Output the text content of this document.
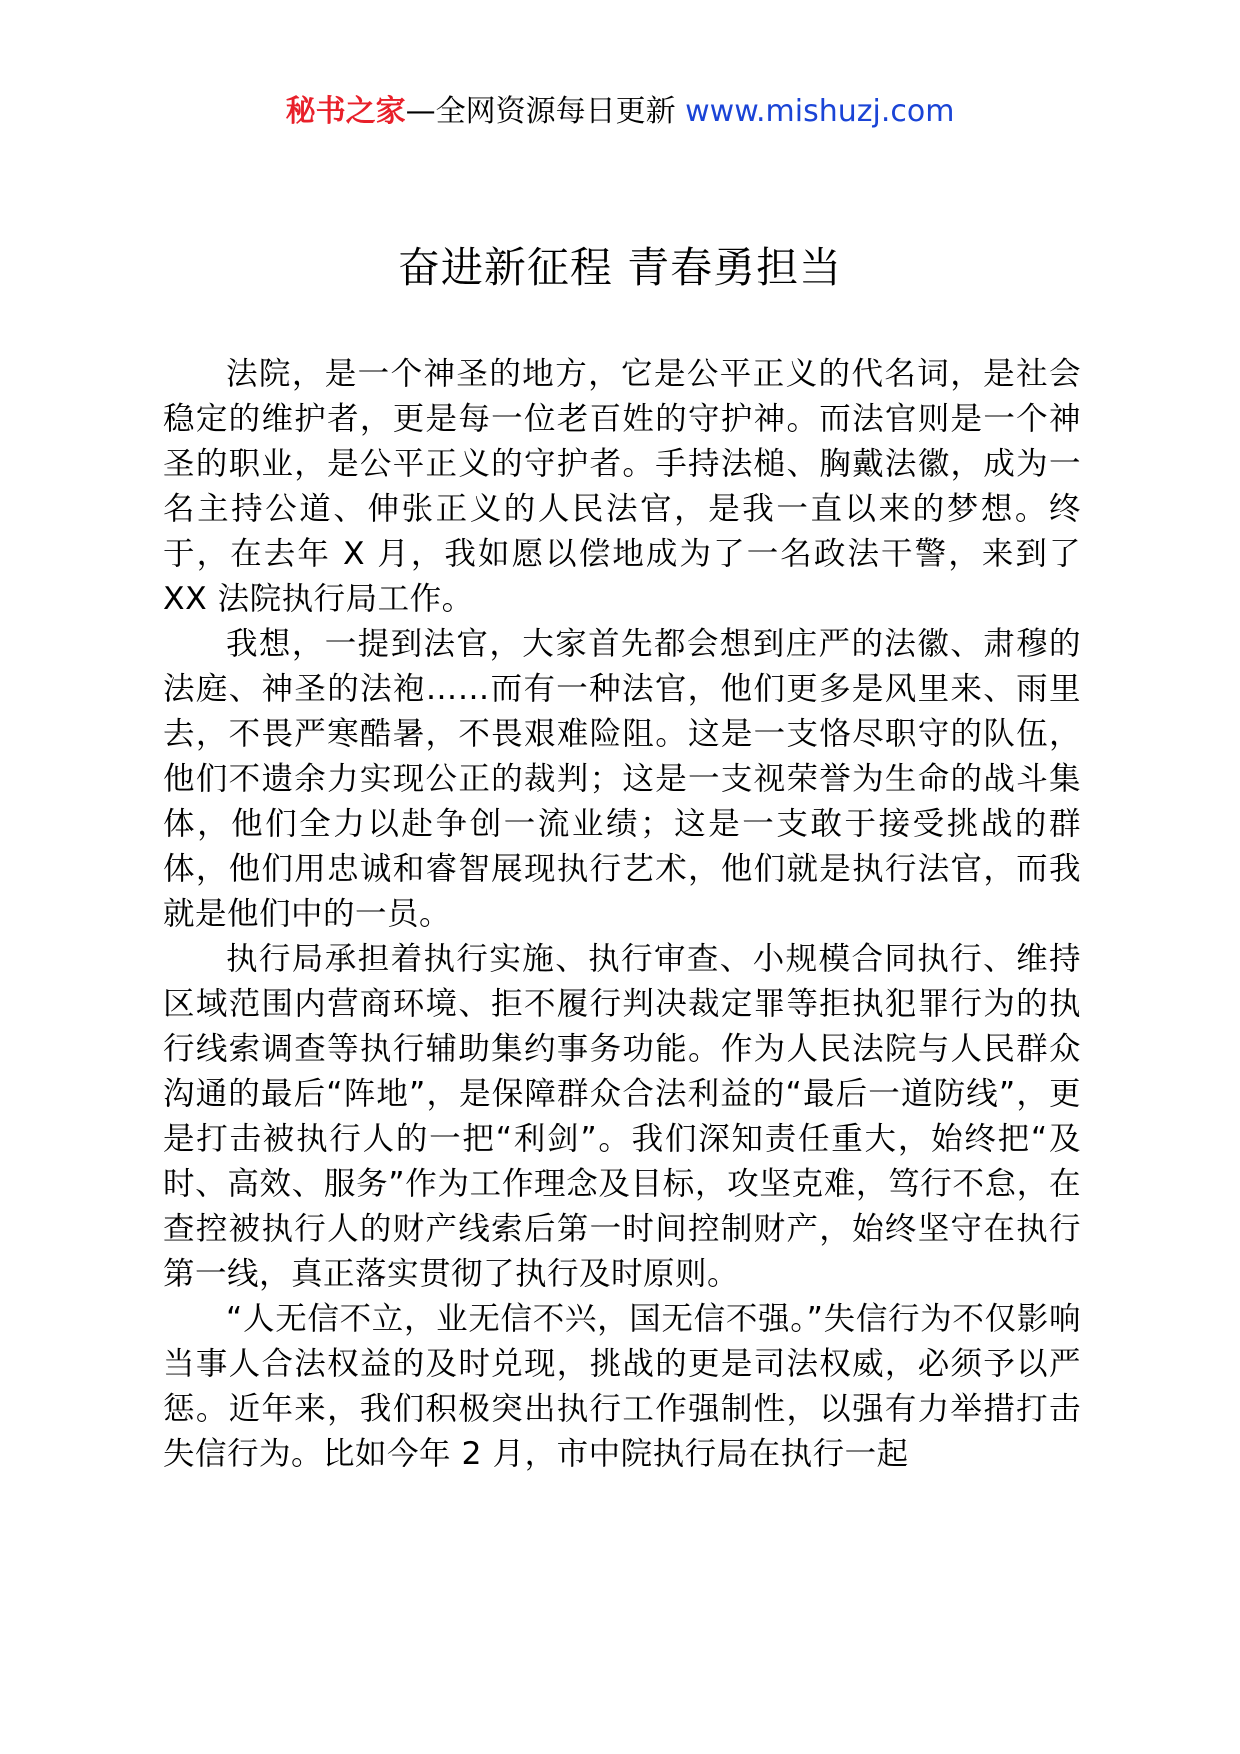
秘书之家—全网资源每日更新 www.mishuzj.com
奋进新征程 青春勇担当

法院，是一个神圣的地方，它是公平正义的代名词，是社会稳定的维护者，更是每一位老百姓的守护神。而法官则是一个神圣的职业，是公平正义的守护者。手持法槌、胸戴法徽，成为一名主持公道、伸张正义的人民法官，是我一直以来的梦想。终于，在去年 X 月，我如愿以偿地成为了一名政法干警，来到了 XX 法院执行局工作。

我想，一提到法官，大家首先都会想到庄严的法徽、肃穆的法庭、神圣的法袍……而有一种法官，他们更多是风里来、雨里去，不畏严寒酷暑，不畏艰难险阻。这是一支恪尽职守的队伍，他们不遗余力实现公正的裁判；这是一支视荣誉为生命的战斗集体，他们全力以赴争创一流业绩；这是一支敢于接受挑战的群体，他们用忠诚和睿智展现执行艺术，他们就是执行法官，而我就是他们中的一员。

执行局承担着执行实施、执行审查、小规模合同执行、维持区域范围内营商环境、拒不履行判决裁定罪等拒执犯罪行为的执行线索调查等执行辅助集约事务功能。作为人民法院与人民群众沟通的最后“阵地”，是保障群众合法利益的“最后一道防线”，更是打击被执行人的一把“利剑”。我们深知责任重大，始终把“及时、高效、服务”作为工作理念及目标，攻坚克难，笃行不怠，在查控被执行人的财产线索后第一时间控制财产，始终坚守在执行第一线，真正落实贯彻了执行及时原则。

“人无信不立，业无信不兴，国无信不强。”失信行为不仅影响当事人合法权益的及时兑现，挑战的更是司法权威，必须予以严惩。近年来，我们积极突出执行工作强制性，以强有力举措打击失信行为。比如今年 2 月，市中院执行局在执行一起
